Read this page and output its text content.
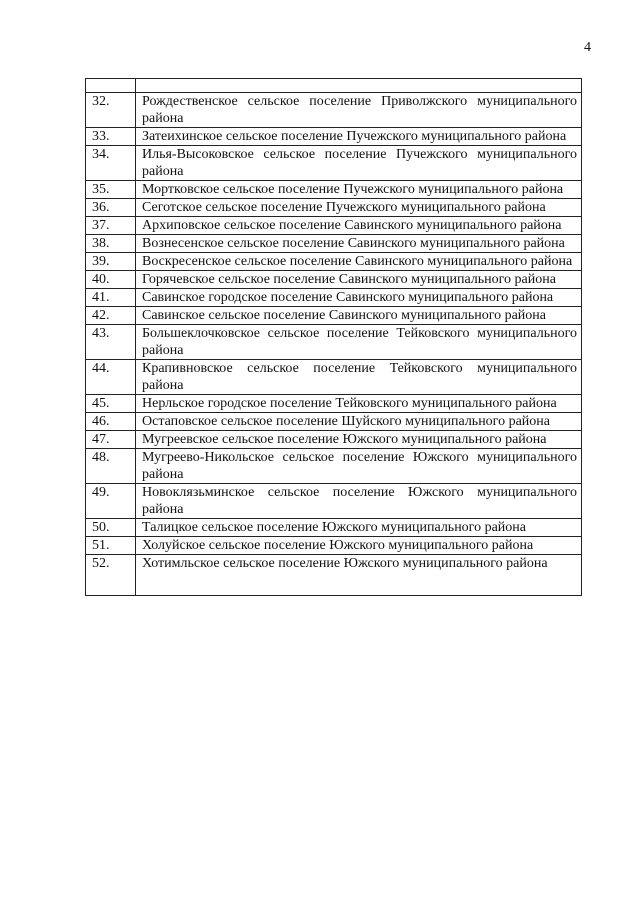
4

32.	Рождественское сельское поселение Приволжского муниципального района
33.	Затеихинское сельское поселение Пучежского муниципального района
34.	Илья-Высоковское сельское поселение Пучежского муниципального района
35.	Мортковское сельское поселение Пучежского муниципального района
36.	Сеготское сельское поселение Пучежского муниципального района
37.	Архиповское сельское поселение Савинского муниципального района
38.	Вознесенское сельское поселение Савинского муниципального района
39.	Воскресенское сельское поселение Савинского муниципального района
40.	Горячевское сельское поселение Савинского муниципального района
41.	Савинское городское поселение Савинского муниципального района
42.	Савинское сельское поселение Савинского муниципального района
43.	Большеклочковское сельское поселение Тейковского муниципального района
44.	Крапивновское сельское поселение Тейковского муниципального района
45.	Нерльское городское поселение Тейковского муниципального района
46.	Остаповское сельское поселение Шуйского муниципального района
47.	Мугреевское сельское поселение Южского муниципального района
48.	Мугреево-Никольское сельское поселение Южского муниципального района
49.	Новоклязьминское сельское поселение Южского муниципального района
50.	Талицкое сельское поселение Южского муниципального района
51.	Холуйское сельское поселение Южского муниципального района
52.	Хотимльское сельское поселение Южского муниципального района
